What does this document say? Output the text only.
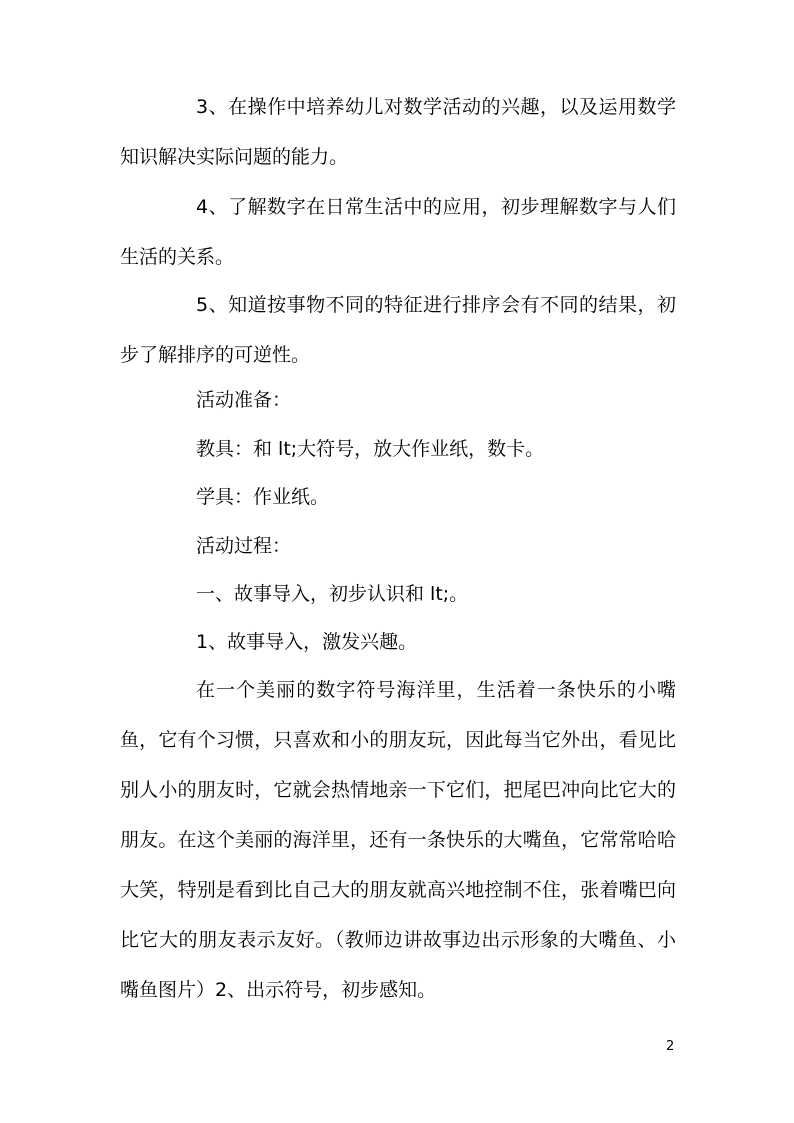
3、在操作中培养幼儿对数学活动的兴趣，以及运用数学知识解决实际问题的能力。

4、了解数字在日常生活中的应用，初步理解数字与人们生活的关系。

5、知道按事物不同的特征进行排序会有不同的结果，初步了解排序的可逆性。

活动准备：

教具：和 lt;大符号，放大作业纸，数卡。

学具：作业纸。

活动过程：

一、故事导入，初步认识和 lt;。

1、故事导入，激发兴趣。

在一个美丽的数字符号海洋里，生活着一条快乐的小嘴鱼，它有个习惯，只喜欢和小的朋友玩，因此每当它外出，看见比别人小的朋友时，它就会热情地亲一下它们，把尾巴冲向比它大的朋友。在这个美丽的海洋里，还有一条快乐的大嘴鱼，它常常哈哈大笑，特别是看到比自己大的朋友就高兴地控制不住，张着嘴巴向比它大的朋友表示友好。（教师边讲故事边出示形象的大嘴鱼、小嘴鱼图片）2、出示符号，初步感知。

2
